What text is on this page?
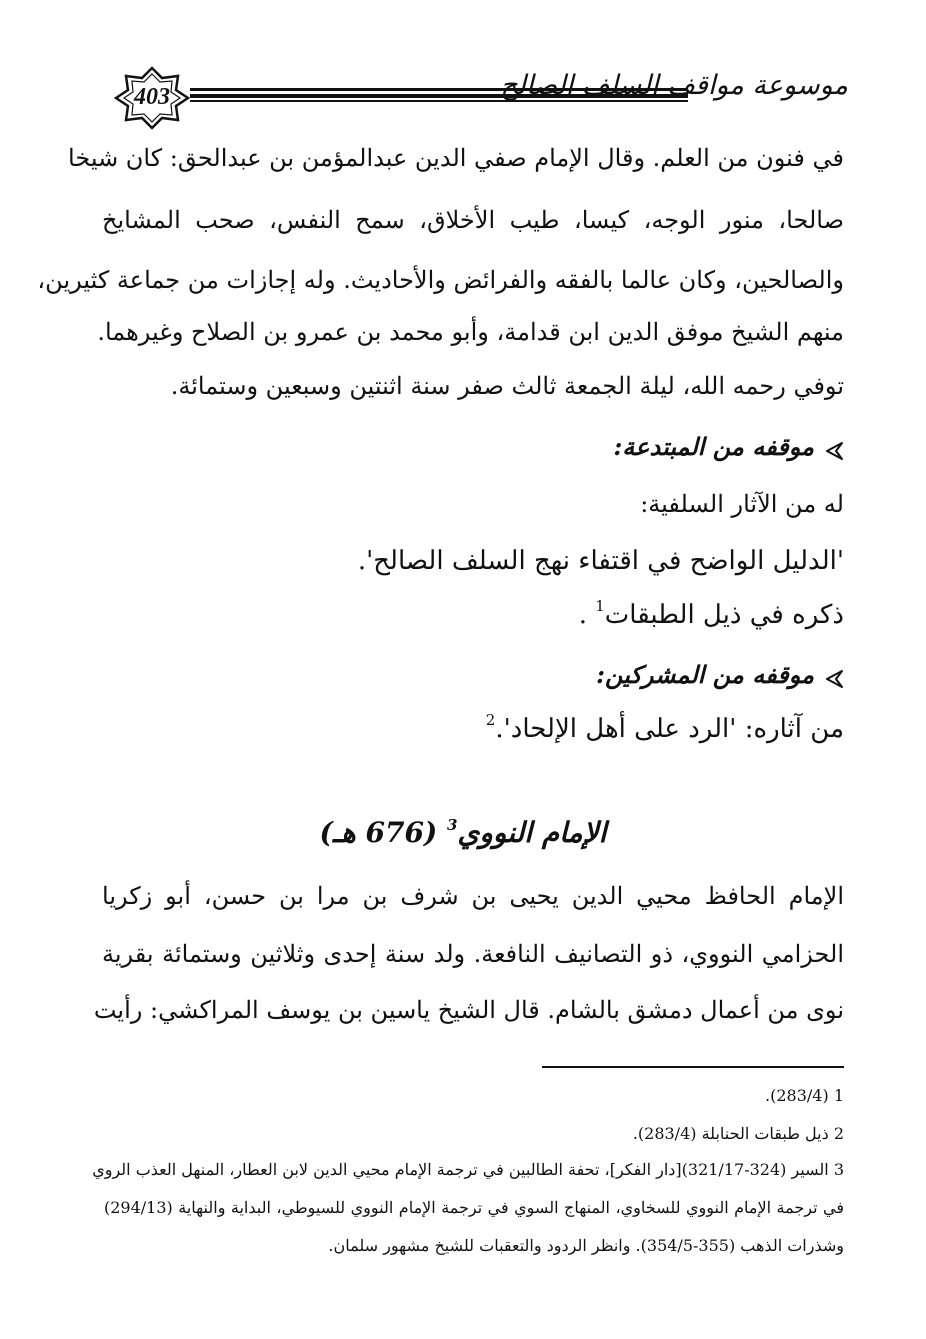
403	موسوعة مواقف السلف الصالح
في فنون من العلم. وقال الإمام صفي الدين عبدالمؤمن بن عبدالحق: كان شيخا
صالحا، منور الوجه، كيسا، طيب الأخلاق، سمح النفس، صحب المشايخ
والصالحين، وكان عالما بالفقه والفرائض والأحاديث. وله إجازات من جماعة كثيرين،
منهم الشيخ موفق الدين ابن قدامة، وأبو محمد بن عمرو بن الصلاح وغيرهما.
توفي رحمه الله، ليلة الجمعة ثالث صفر سنة اثنتين وسبعين وستمائة.
موقفه من المبتدعة:
له من الآثار السلفية:
'الدليل الواضح في اقتفاء نهج السلف الصالح'.
ذكره في ذيل الطبقات$^1$ .
موقفه من المشركين:
من آثاره: 'الرد على أهل الإلحاد'.$^2$
الإمام النووي$^3$ (676 هـ)
الإمام الحافظ محيي الدين يحيى بن شرف بن مرا بن حسن، أبو زكريا
الحزامي النووي، ذو التصانيف النافعة. ولد سنة إحدى وثلاثين وستمائة بقرية
نوى من أعمال دمشق بالشام. قال الشيخ ياسين بن يوسف المراكشي: رأيت
1 (283/4).
2 ذيل طبقات الحنابلة (283/4).
3 السير (324-321/17)[دار الفكر]، تحفة الطالبين في ترجمة الإمام محيي الدين لابن العطار، المنهل العذب الروي
في ترجمة الإمام النووي للسخاوي، المنهاج السوي في ترجمة الإمام النووي للسيوطي، البداية والنهاية (294/13)
وشذرات الذهب (355-354/5). وانظر الردود والتعقبات للشيخ مشهور سلمان.
